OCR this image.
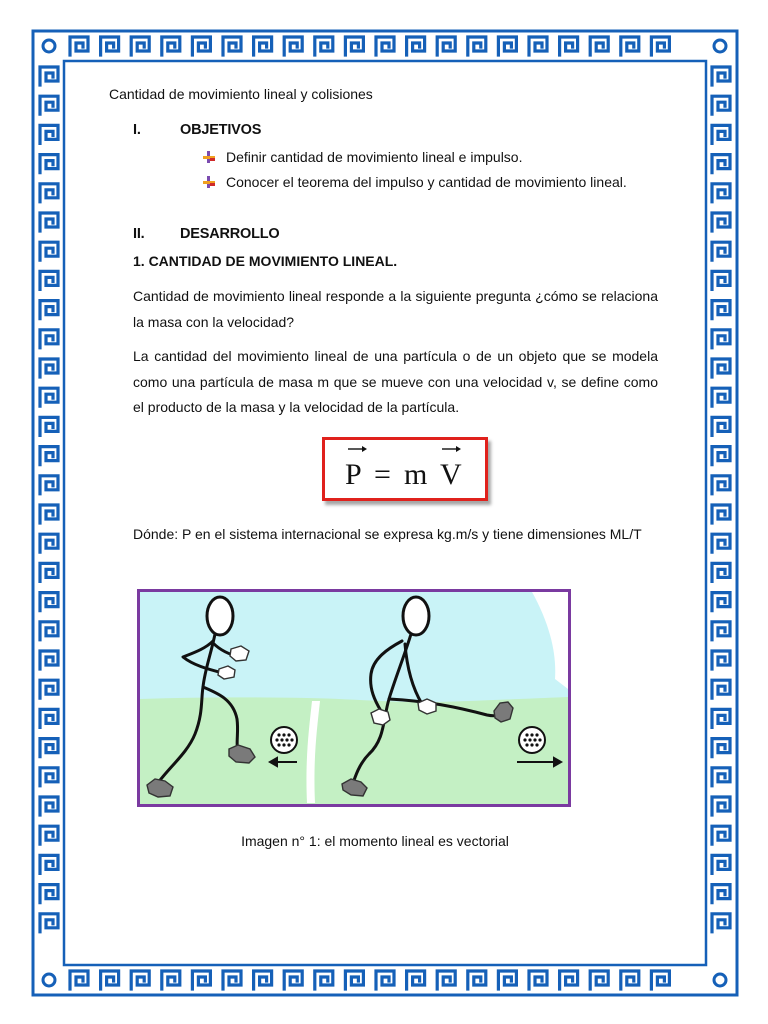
Cantidad de movimiento lineal y colisiones
I.	OBJETIVOS
Definir cantidad de movimiento lineal e impulso.
Conocer el teorema del impulso y cantidad de movimiento lineal.
II. DESARROLLO
1. CANTIDAD DE MOVIMIENTO LINEAL.
Cantidad de movimiento lineal responde a la siguiente pregunta ¿cómo se relaciona la masa con la velocidad?
La cantidad del movimiento lineal de una partícula o de un objeto que se modela como una partícula de masa m que se mueve con una velocidad v, se define como el producto de la masa y la velocidad de la partícula.
P = m V
Dónde: P en el sistema internacional se expresa kg.m/s y tiene dimensiones ML/T
Imagen n° 1: el momento lineal es vectorial
